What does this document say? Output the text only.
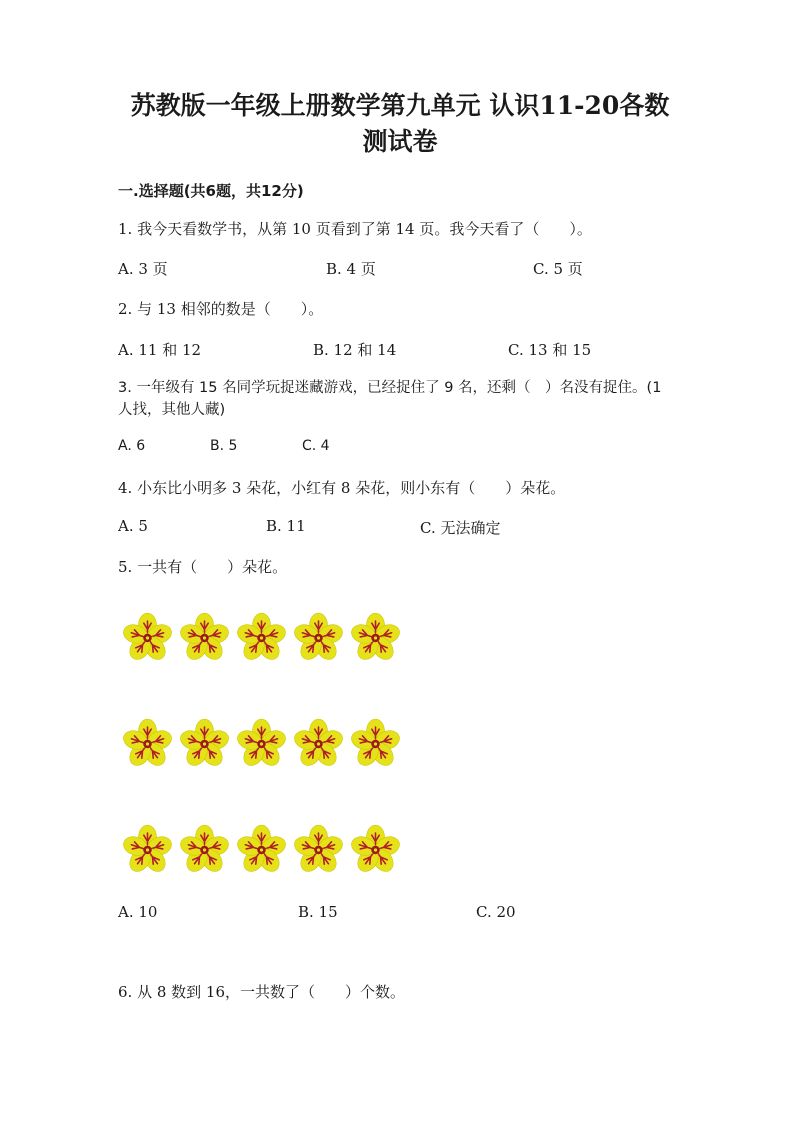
苏教版一年级上册数学第九单元 认识11-20各数
测试卷
一.选择题(共6题，共12分)
1. 我今天看数学书，从第 10 页看到了第 14 页。我今天看了（　　）。
A. 3 页	B. 4 页	C. 5 页
2. 与 13 相邻的数是（　　）。
A. 11 和 12	B. 12 和 14	C. 13 和 15
3. 一年级有 15 名同学玩捉迷藏游戏，已经捉住了 9 名，还剩（　）名没有捉住。(1 人找，其他人藏)
A. 6	B. 5	C. 4
4. 小东比小明多 3 朵花，小红有 8 朵花，则小东有（　　）朵花。
A. 5	B. 11	C. 无法确定
5. 一共有（　　）朵花。
A. 10	B. 15	C. 20
6. 从 8 数到 16，一共数了（　　）个数。
